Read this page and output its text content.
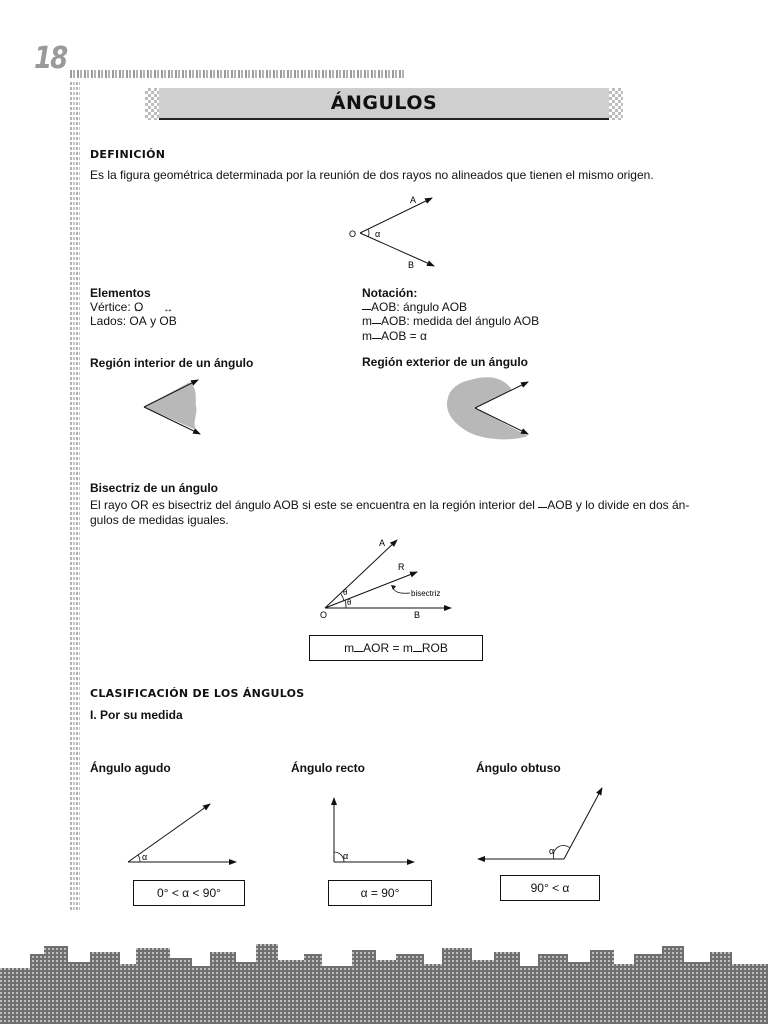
18
ÁNGULOS
DEFINICIÓN
Es la figura geométrica determinada por la reunión de dos rayos no alineados que tienen el mismo origen.
O
A
B
α
Elementos
Vértice: O
Lados: ↔ OA y ↔ OB
Notación:
AOB: ángulo AOB
m AOB: medida del ángulo AOB
m AOB = α
Región interior de un ángulo	Región exterior de un ángulo
Bisectriz de un ángulo
El rayo OR es bisectriz del ángulo AOB si este se encuentra en la región interior del AOB y lo divide en dos án-
gulos de medidas iguales.
A
R
O	B
θ
θ
bisectriz
m AOR = m ROB
CLASIFICACIÓN DE LOS ÁNGULOS
I. Por su medida
Ángulo agudo	Ángulo recto	Ángulo obtuso
α	α	α
0° < α < 90°	α = 90°	90° < α
